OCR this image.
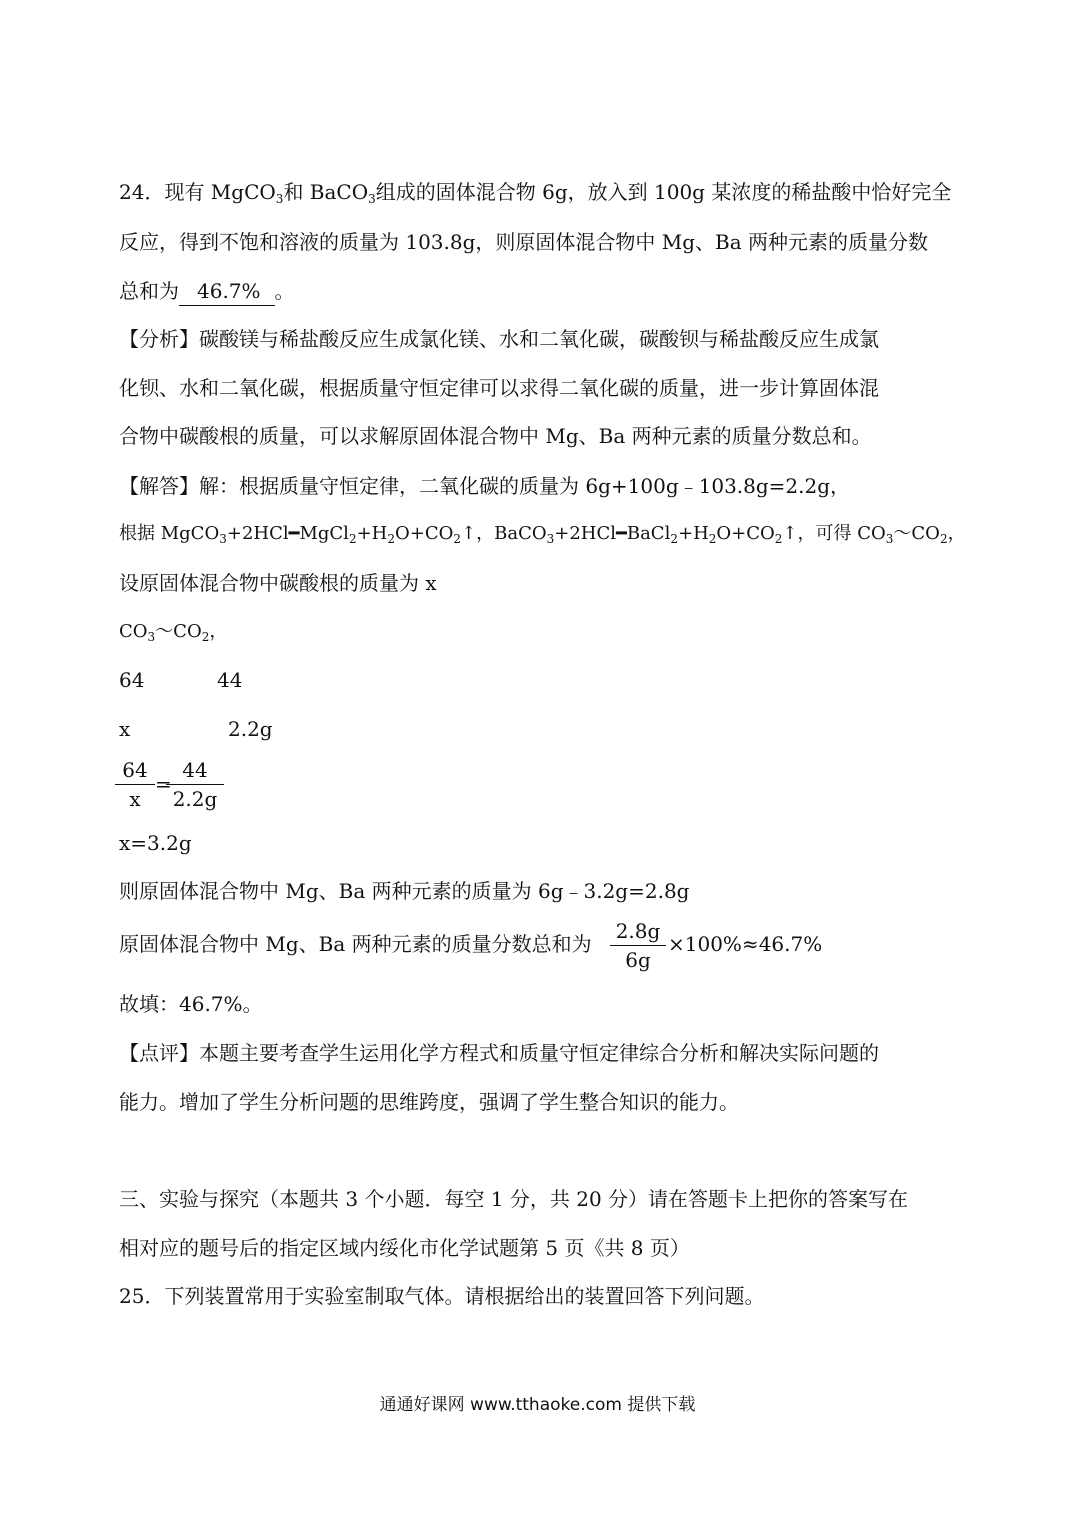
24．现有 MgCO$_3$和 BaCO$_3$组成的固体混合物 6g，放入到 100g 某浓度的稀盐酸中恰好完全
反应，得到不饱和溶液的质量为 103.8g，则原固体混合物中 Mg、Ba 两种元素的质量分数
总和为 46.7% 。
【分析】碳酸镁与稀盐酸反应生成氯化镁、水和二氧化碳，碳酸钡与稀盐酸反应生成氯
化钡、水和二氧化碳，根据质量守恒定律可以求得二氧化碳的质量，进一步计算固体混
合物中碳酸根的质量，可以求解原固体混合物中 Mg、Ba 两种元素的质量分数总和。
【解答】解：根据质量守恒定律，二氧化碳的质量为 6g+100g﹣103.8g=2.2g，
根据 $MgCO_3+2HCl━MgCl_2+H_2O+CO_2↑$，$BaCO_3+2HCl━BaCl_2+H_2O+CO_2↑$，可得 $CO_3\sim CO_2$，
设原固体混合物中碳酸根的质量为 x
$CO_3\sim CO_2$，
64	44
x	2.2g
$\frac{64}{x}$ =
$\frac{44}{2.2g}$
x=3.2g
则原固体混合物中 Mg、Ba 两种元素的质量为 6g﹣3.2g=2.8g
原固体混合物中 Mg、Ba 两种元素的质量分数总和为 $\frac{2.8g}{6g} \times 100\%\approx 46.7\%$
故填：46.7%。
【点评】本题主要考查学生运用化学方程式和质量守恒定律综合分析和解决实际问题的
能力。增加了学生分析问题的思维跨度，强调了学生整合知识的能力。
三、实验与探究（本题共 3 个小题．每空 1 分，共 20 分）请在答题卡上把你的答案写在
相对应的题号后的指定区域内绥化市化学试题第 5 页《共 8 页）
25．下列装置常用于实验室制取气体。请根据给出的装置回答下列问题。
通通好课网 www.tthaoke.com 提供下载
